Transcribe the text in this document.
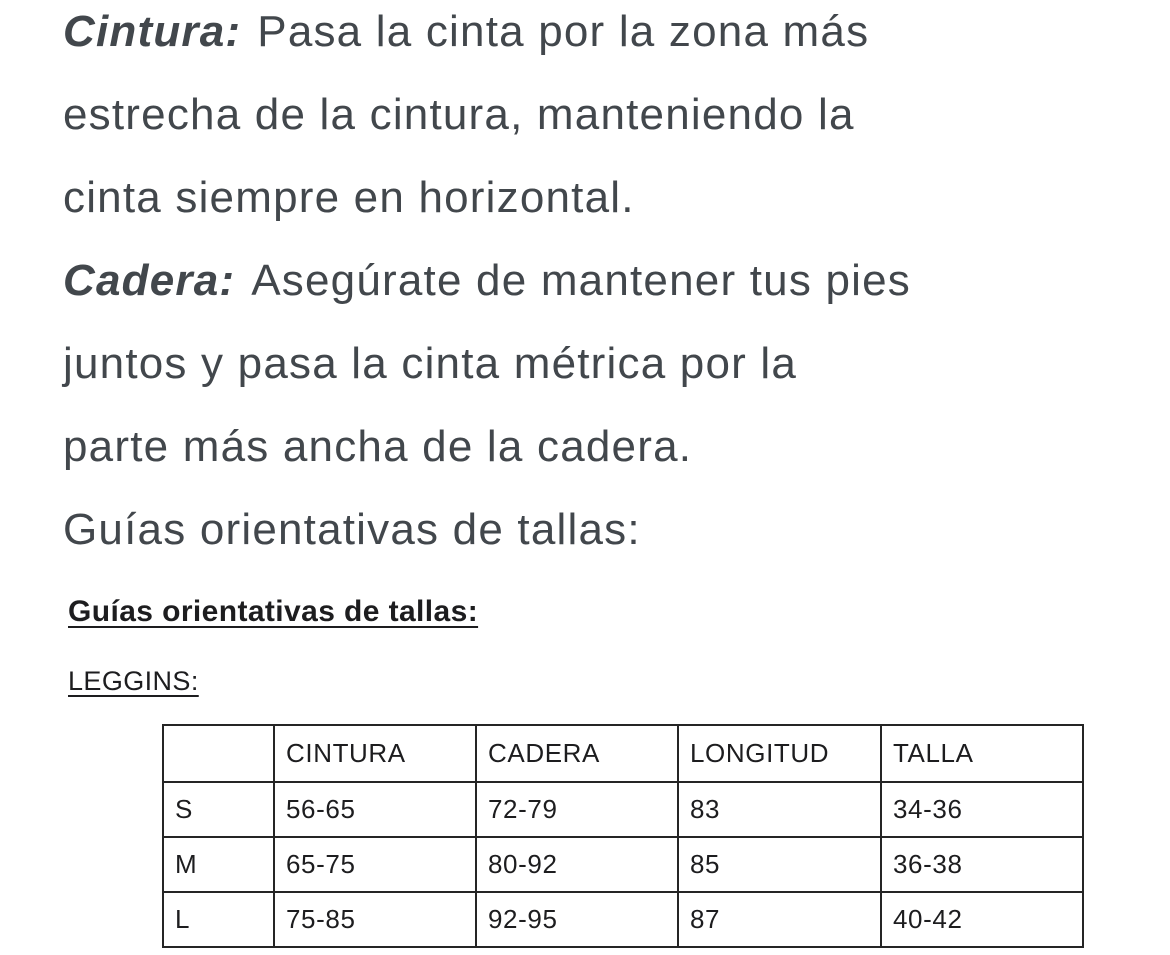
Cintura: Pasa la cinta por la zona más
estrecha de la cintura, manteniendo la
cinta siempre en horizontal.
Cadera: Asegúrate de mantener tus pies
juntos y pasa la cinta métrica por la
parte más ancha de la cadera.
Guías orientativas de tallas:
Guías orientativas de tallas:
LEGGINS:
	CINTURA	CADERA	LONGITUD	TALLA
S	56-65	72-79	83	34-36
M	65-75	80-92	85	36-38
L	75-85	92-95	87	40-42
